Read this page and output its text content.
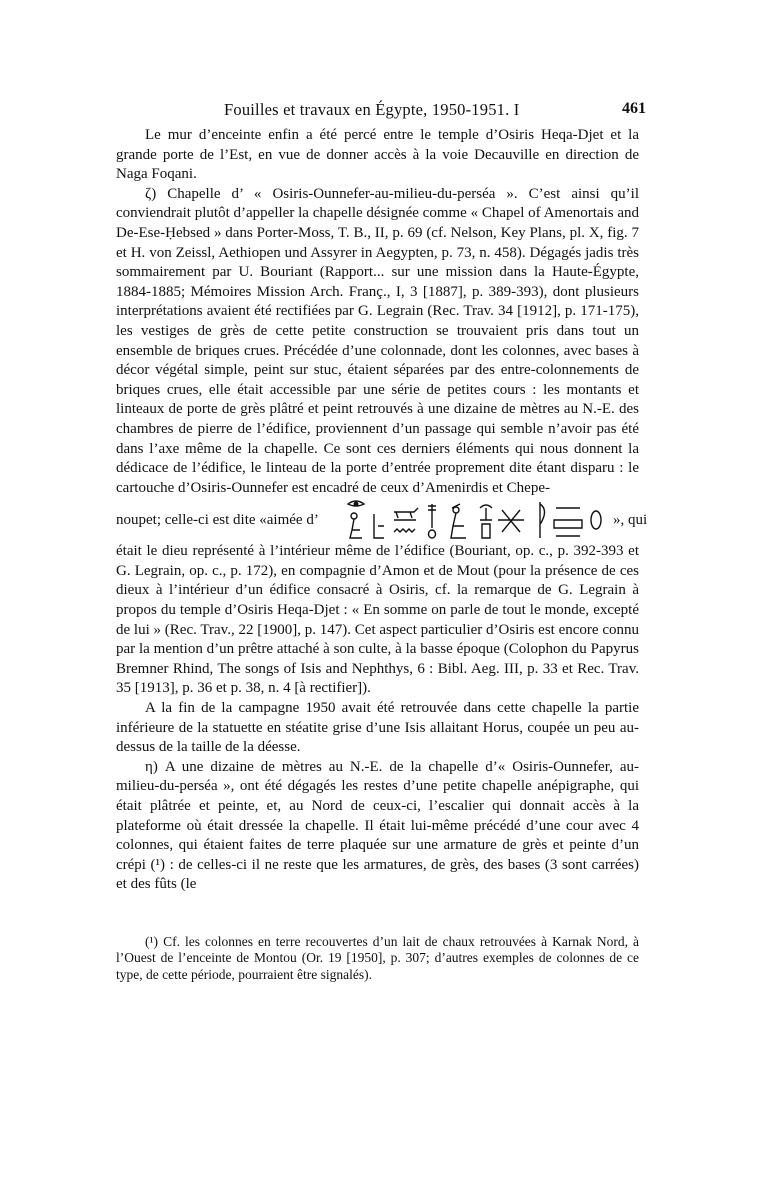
Fouilles et travaux en Égypte, 1950-1951. I	461

Le mur d’enceinte enfin a été percé entre le temple d’Osiris Heqa-Djet et la grande porte de l’Est, en vue de donner accès à la voie Decauville en direction de Naga Foqani.

ζ) Chapelle d’ « Osiris-Ounnefer-au-milieu-du-perséa ». C’est ainsi qu’il conviendrait plutôt d’appeller la chapelle désignée comme « Chapel of Amenortais and De-Ese-Ḥebsed » dans Porter-Moss, T. B., II, p. 69 (cf. Nelson, Key Plans, pl. X, fig. 7 et H. von Zeissl, Aethiopen und Assyrer in Aegypten, p. 73, n. 458). Dégagés jadis très sommairement par U. Bouriant (Rapport... sur une mission dans la Haute-Égypte, 1884-1885; Mémoires Mission Arch. Franç., I, 3 [1887], p. 389-393), dont plusieurs interprétations avaient été rectifiées par G. Legrain (Rec. Trav. 34 [1912], p. 171-175), les vestiges de grès de cette petite construction se trouvaient pris dans tout un ensemble de briques crues. Précédée d’une colonnade, dont les colonnes, avec bases à décor végétal simple, peint sur stuc, étaient séparées par des entre-colonnements de briques crues, elle était accessible par une série de petites cours : les montants et linteaux de porte de grès plâtré et peint retrouvés à une dizaine de mètres au N.-E. des chambres de pierre de l’édifice, proviennent d’un passage qui semble n’avoir pas été dans l’axe même de la chapelle. Ce sont ces derniers éléments qui nous donnent la dédicace de l’édifice, le linteau de la porte d’entrée proprement dite étant disparu : le cartouche d’Osiris-Ounnefer est encadré de ceux d’Amenirdis et Chepe-

noupet; celle-ci est dite «aimée d’	», qui

était le dieu représenté à l’intérieur même de l’édifice (Bouriant, op. c., p. 392-393 et G. Legrain, op. c., p. 172), en compagnie d’Amon et de Mout (pour la présence de ces dieux à l’intérieur d’un édifice consacré à Osiris, cf. la remarque de G. Legrain à propos du temple d’Osiris Heqa-Djet : « En somme on parle de tout le monde, excepté de lui » (Rec. Trav., 22 [1900], p. 147). Cet aspect particulier d’Osiris est encore connu par la mention d’un prêtre attaché à son culte, à la basse époque (Colophon du Papyrus Bremner Rhind, The songs of Isis and Nephthys, 6 : Bibl. Aeg. III, p. 33 et Rec. Trav. 35 [1913], p. 36 et p. 38, n. 4 [à rectifier]).

A la fin de la campagne 1950 avait été retrouvée dans cette chapelle la partie inférieure de la statuette en stéatite grise d’une Isis allaitant Horus, coupée un peu au-dessus de la taille de la déesse.

η) A une dizaine de mètres au N.-E. de la chapelle d’« Osiris-Ounnefer, au-milieu-du-perséa », ont été dégagés les restes d’une petite chapelle anépigraphe, qui était plâtrée et peinte, et, au Nord de ceux-ci, l’escalier qui donnait accès à la plateforme où était dressée la chapelle. Il était lui-même précédé d’une cour avec 4 colonnes, qui étaient faites de terre plaquée sur une armature de grès et peinte d’un crépi (¹) : de celles-ci il ne reste que les armatures, de grès, des bases (3 sont carrées) et des fûts (le

(¹) Cf. les colonnes en terre recouvertes d’un lait de chaux retrouvées à Karnak Nord, à l’Ouest de l’enceinte de Montou (Or. 19 [1950], p. 307; d’autres exemples de colonnes de ce type, de cette période, pourraient être signalés).
